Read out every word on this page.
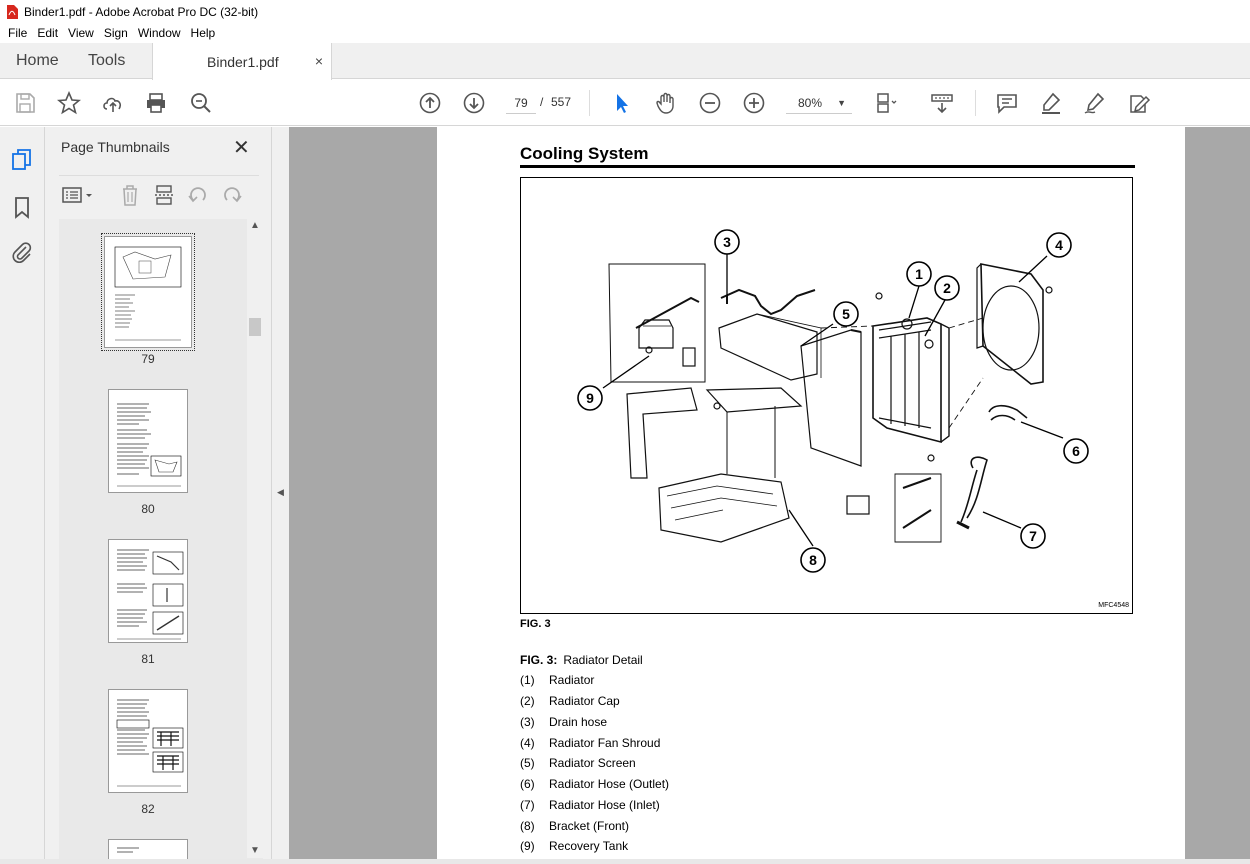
Binder1.pdf - Adobe Acrobat Pro DC (32-bit)
File Edit View Sign Window Help
Home Tools	Binder1.pdf	×
79	/ 557	80% ▼
Page Thumbnails	✕
79
80
81
82
▲
▼
◀
Cooling System
1
2
3	4
5
6
7
8
9
MFC4548
FIG. 3
FIG. 3: Radiator Detail
(1) Radiator
(2) Radiator Cap
(3) Drain hose
(4) Radiator Fan Shroud
(5) Radiator Screen
(6) Radiator Hose (Outlet)
(7) Radiator Hose (Inlet)
(8) Bracket (Front)
(9) Recovery Tank
